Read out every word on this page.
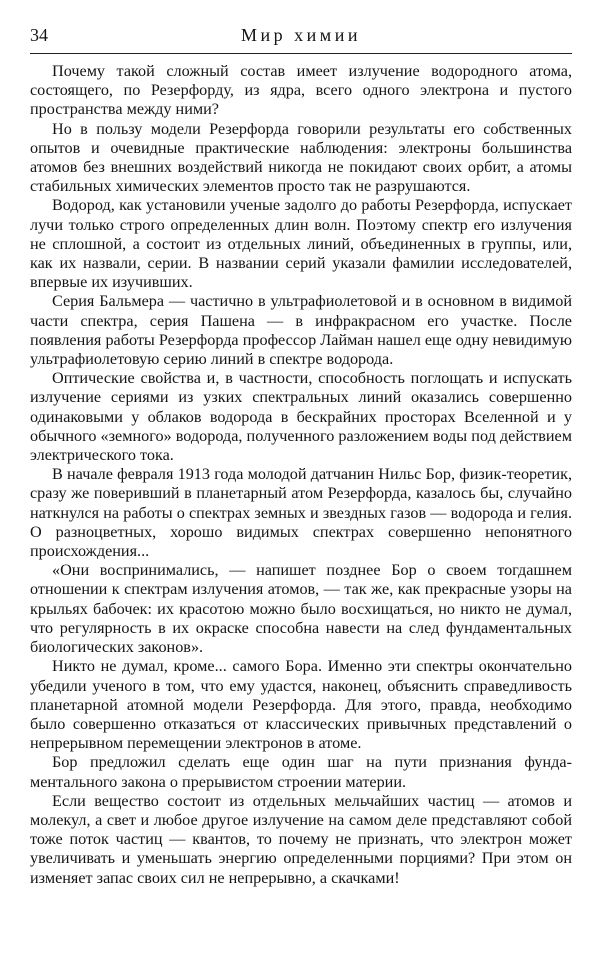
34	Мир химии

Почему такой сложный состав имеет излучение водородного атома, состоящего, по Резерфорду, из ядра, всего одного электрона и пустого пространства между ними?

Но в пользу модели Резерфорда говорили результаты его собственных опытов и очевидные практические наблюдения: электроны большинства атомов без внешних воздействий никогда не покидают своих орбит, а атомы стабильных химических элементов просто так не разрушаются.

Водород, как установили ученые задолго до работы Резерфорда, испускает лучи только строго определенных длин волн. Поэтому спектр его излучения не сплошной, а состоит из отдельных линий, объединенных в группы, или, как их назвали, серии. В названии серий указали фамилии исследователей, впервые их изучивших.

Серия Бальмера — частично в ультрафиолетовой и в основном в видимой части спектра, серия Пашена — в инфракрасном его участке. После появления работы Резерфорда профессор Лайман нашел еще одну невидимую ультрафиолетовую серию линий в спектре водорода.

Оптические свойства и, в частности, способность поглощать и испускать излучение сериями из узких спектральных линий оказались совершенно одинаковыми у облаков водорода в бескрайних просторах Вселенной и у обычного «земного» водорода, полученного разложением воды под действием электрического тока.

В начале февраля 1913 года молодой датчанин Нильс Бор, физик-теоретик, сразу же поверивший в планетарный атом Резерфорда, казалось бы, случайно наткнулся на работы о спектрах земных и звездных газов — водорода и гелия. О разноцветных, хорошо видимых спектрах совершенно непонятного происхождения...

«Они воспринимались, — напишет позднее Бор о своем тогдашнем отношении к спектрам излучения атомов, — так же, как прекрасные узоры на крыльях бабочек: их красотою можно было восхищаться, но никто не думал, что регулярность в их окраске способна навести на след фундаментальных биологических законов».

Никто не думал, кроме... самого Бора. Именно эти спектры окончательно убедили ученого в том, что ему удастся, наконец, объяснить справедливость планетарной атомной модели Резерфорда. Для этого, правда, необходимо было совершенно отказаться от классических привычных представлений о непрерывном перемещении электронов в атоме.

Бор предложил сделать еще один шаг на пути признания фундаментального закона о прерывистом строении материи.

Если вещество состоит из отдельных мельчайших частиц — атомов и молекул, а свет и любое другое излучение на самом деле представляют собой тоже поток частиц — квантов, то почему не признать, что электрон может увеличивать и уменьшать энергию определенными порциями? При этом он изменяет запас своих сил не непрерывно, а скачками!
